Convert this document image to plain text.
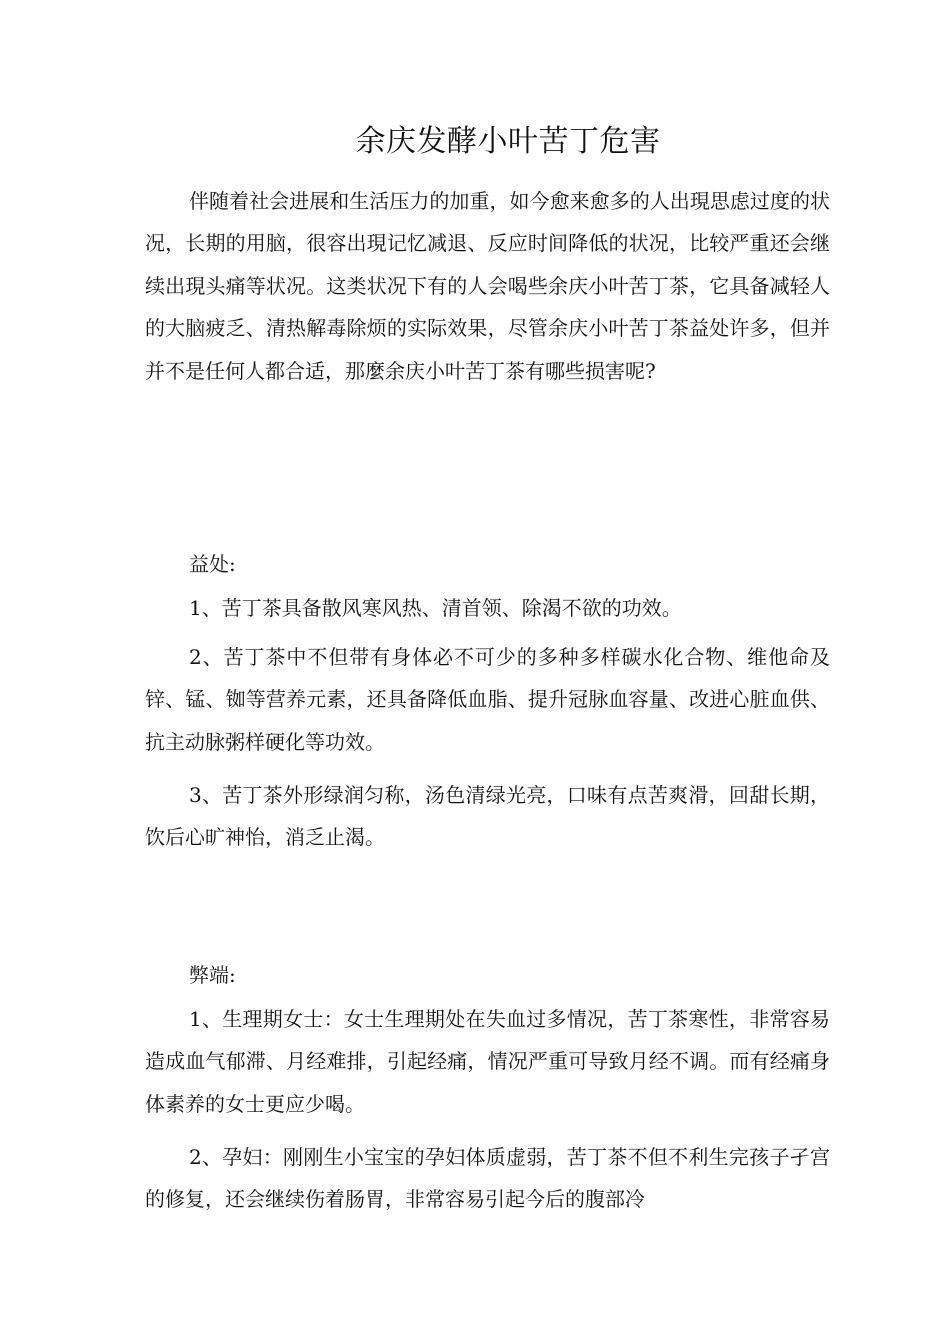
余庆发酵小叶苦丁危害

伴随着社会进展和生活压力的加重，如今愈来愈多的人出現思虑过度的状况，长期的用脑，很容出現记忆减退、反应时间降低的状况，比较严重还会继续出現头痛等状况。这类状况下有的人会喝些余庆小叶苦丁茶，它具备减轻人的大脑疲乏、清热解毒除烦的实际效果，尽管余庆小叶苦丁茶益处许多，但并并不是任何人都合适，那麼余庆小叶苦丁茶有哪些损害呢?

益处:

1、苦丁茶具备散风寒风热、清首领、除渴不欲的功效。

2、苦丁茶中不但带有身体必不可少的多种多样碳水化合物、维他命及锌、锰、铷等营养元素，还具备降低血脂、提升冠脉血容量、改进心脏血供、抗主动脉粥样硬化等功效。

3、苦丁茶外形绿润匀称，汤色清绿光亮，口味有点苦爽滑，回甜长期，饮后心旷神怡，消乏止渴。

弊端:

1、生理期女士：女士生理期处在失血过多情况，苦丁茶寒性，非常容易造成血气郁滞、月经难排，引起经痛，情况严重可导致月经不调。而有经痛身体素养的女士更应少喝。

2、孕妇：刚刚生小宝宝的孕妇体质虚弱，苦丁茶不但不利生完孩子孑宫的修复，还会继续伤着肠胃，非常容易引起今后的腹部冷
